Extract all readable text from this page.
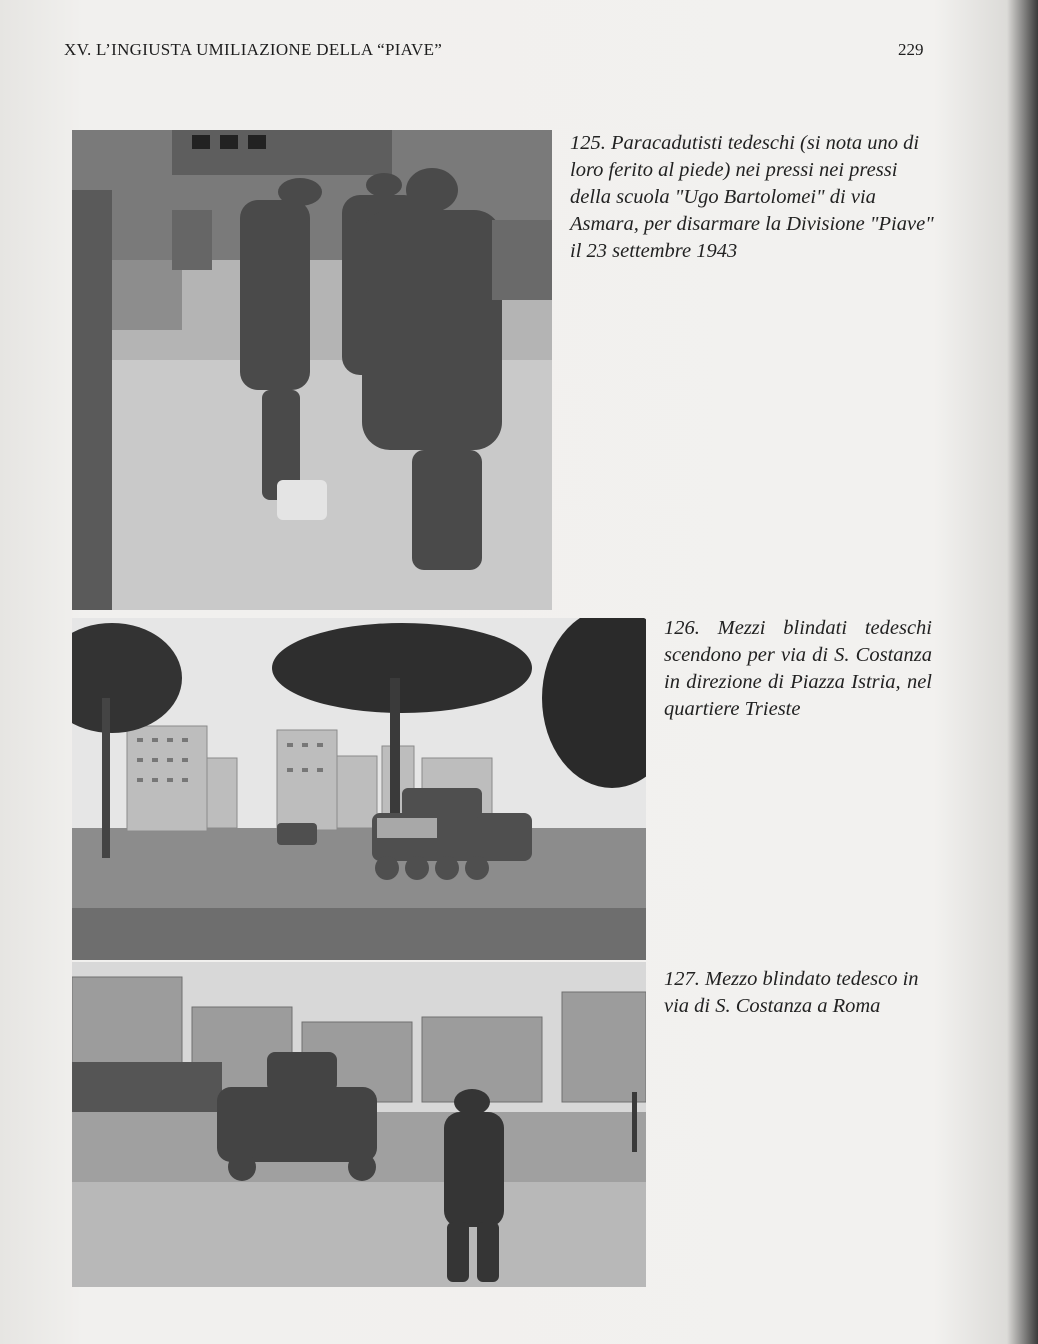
XV. L’INGIUSTA UMILIAZIONE DELLA “PIAVE”	229
125. Paracadutisti tedeschi (si nota uno di loro ferito al piede) nei pressi nei pressi della scuola "Ugo Bartolomei" di via Asmara, per disarmare la Divisione "Piave" il 23 settembre 1943
126. Mezzi blindati tedeschi scendono per via di S. Costanza in direzione di Piazza Istria, nel quartiere Trieste
127. Mezzo blindato tedesco in via di S. Costanza a Roma
